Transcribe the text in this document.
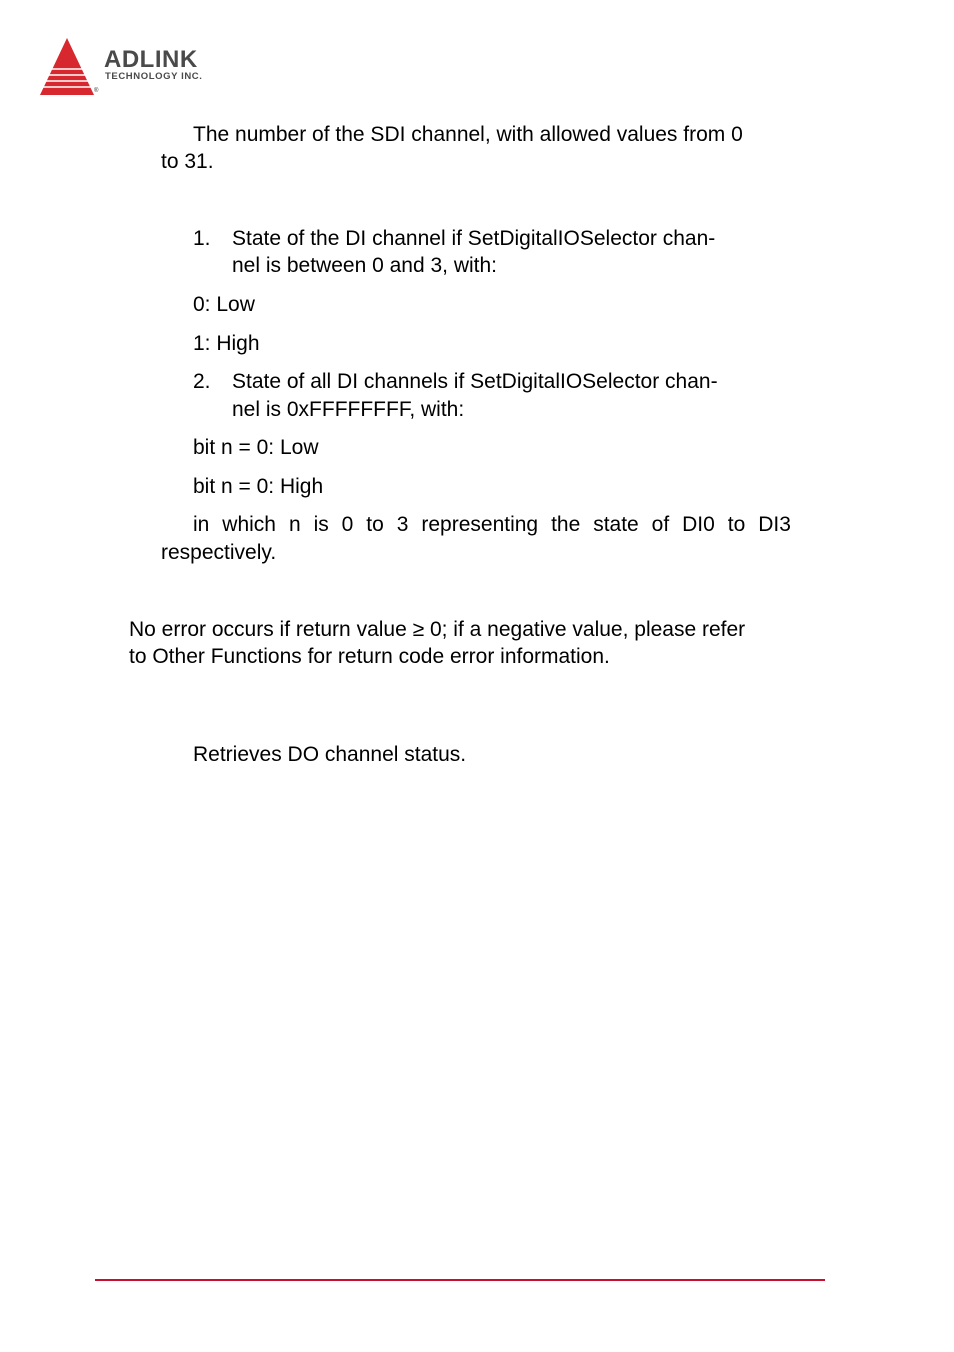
ADLINK
TECHNOLOGY INC.
®

The number of the SDI channel, with allowed values from 0

to 31.

1. State of the DI channel if SetDigitalIOSelector chan-

nel is between 0 and 3, with:

0: Low

1: High

2. State of all DI channels if SetDigitalIOSelector chan-

nel is 0xFFFFFFFF, with:

bit n = 0: Low

bit n = 0: High

in which n is 0 to 3 representing the state of DI0 to DI3

respectively.

No error occurs if return value ≥ 0; if a negative value, please refer

to Other Functions for return code error information.

Retrieves DO channel status.
